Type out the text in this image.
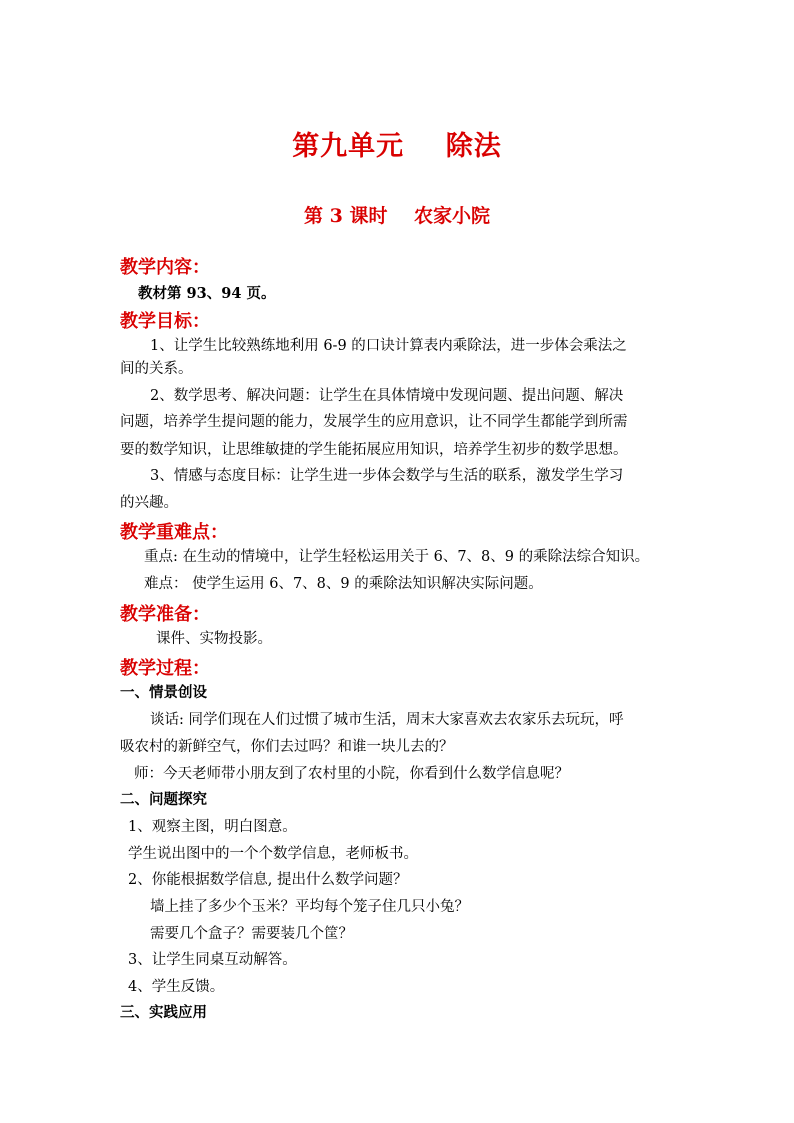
第九单元    除法
第 3 课时    农家小院
教学内容：
教材第 93、94 页。
教学目标：
1、让学生比较熟练地利用 6-9 的口诀计算表内乘除法，进一步体会乘法之
间的关系。
2、数学思考、解决问题：让学生在具体情境中发现问题、提出问题、解决
问题，培养学生提问题的能力，发展学生的应用意识，让不同学生都能学到所需
要的数学知识，让思维敏捷的学生能拓展应用知识，培养学生初步的数学思想。
3、情感与态度目标：让学生进一步体会数学与生活的联系，激发学生学习
的兴趣。
教学重难点：
重点: 在生动的情境中，让学生轻松运用关于 6、7、8、9 的乘除法综合知识。
难点： 使学生运用 6、7、8、9 的乘除法知识解决实际问题。
教学准备：
课件、实物投影。
教学过程：
一、情景创设
谈话: 同学们现在人们过惯了城市生活，周末大家喜欢去农家乐去玩玩，呼
吸农村的新鲜空气，你们去过吗？和谁一块儿去的？
师：今天老师带小朋友到了农村里的小院，你看到什么数学信息呢？
二、问题探究
1、观察主图，明白图意。
学生说出图中的一个个数学信息，老师板书。
2、你能根据数学信息, 提出什么数学问题？
墙上挂了多少个玉米？平均每个笼子住几只小兔？
需要几个盒子？需要装几个筐？
3、让学生同桌互动解答。
4、学生反馈。
三、实践应用
